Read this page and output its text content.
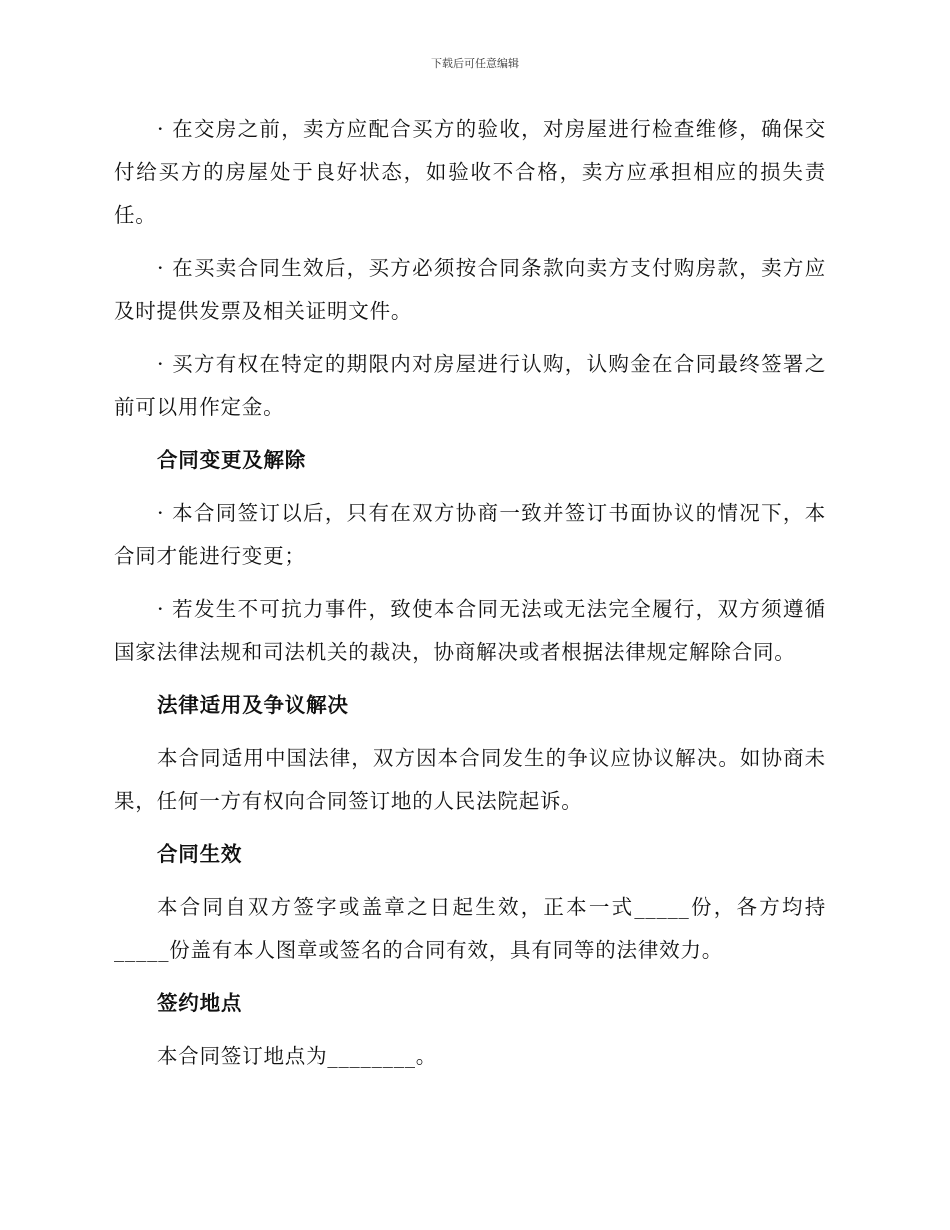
下载后可任意编辑

· 在交房之前，卖方应配合买方的验收，对房屋进行检查维修，确保交付给买方的房屋处于良好状态，如验收不合格，卖方应承担相应的损失责任。

· 在买卖合同生效后，买方必须按合同条款向卖方支付购房款，卖方应及时提供发票及相关证明文件。

· 买方有权在特定的期限内对房屋进行认购，认购金在合同最终签署之前可以用作定金。

合同变更及解除

· 本合同签订以后，只有在双方协商一致并签订书面协议的情况下，本合同才能进行变更；

· 若发生不可抗力事件，致使本合同无法或无法完全履行，双方须遵循国家法律法规和司法机关的裁决，协商解决或者根据法律规定解除合同。

法律适用及争议解决

本合同适用中国法律，双方因本合同发生的争议应协议解决。如协商未果，任何一方有权向合同签订地的人民法院起诉。

合同生效

本合同自双方签字或盖章之日起生效，正本一式_____份，各方均持_____份盖有本人图章或签名的合同有效，具有同等的法律效力。

签约地点

本合同签订地点为________。
